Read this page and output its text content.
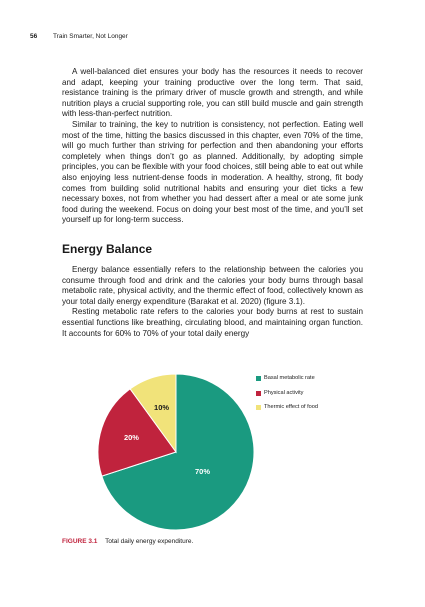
56 Train Smarter, Not Longer

A well-balanced diet ensures your body has the resources it needs to recover and adapt, keeping your training productive over the long term. That said, resistance training is the primary driver of muscle growth and strength, and while nutrition plays a crucial supporting role, you can still build muscle and gain strength with less-than-perfect nutrition.

Similar to training, the key to nutrition is consistency, not perfection. Eating well most of the time, hitting the basics discussed in this chapter, even 70% of the time, will go much further than striving for perfection and then abandoning your efforts completely when things don’t go as planned. Additionally, by adopting simple principles, you can be flexible with your food choices, still being able to eat out while also enjoying less nutrient-dense foods in moderation. A healthy, strong, fit body comes from building solid nutritional habits and ensuring your diet ticks a few necessary boxes, not from whether you had dessert after a meal or ate some junk food during the weekend. Focus on doing your best most of the time, and you’ll set yourself up for long-term success.

Energy Balance

Energy balance essentially refers to the relationship between the calories you consume through food and drink and the calories your body burns through basal metabolic rate, physical activity, and the thermic effect of food, collectively known as your total daily energy expenditure (Barakat et al. 2020) (figure 3.1).

Resting metabolic rate refers to the calories your body burns at rest to sustain essential functions like breathing, circulating blood, and maintaining organ function. It accounts for 60% to 70% of your total daily energy

70%
20%
10%
Basal metabolic rate
Physical activity
Thermic effect of food
FIGURE 3.1 Total daily energy expenditure.
